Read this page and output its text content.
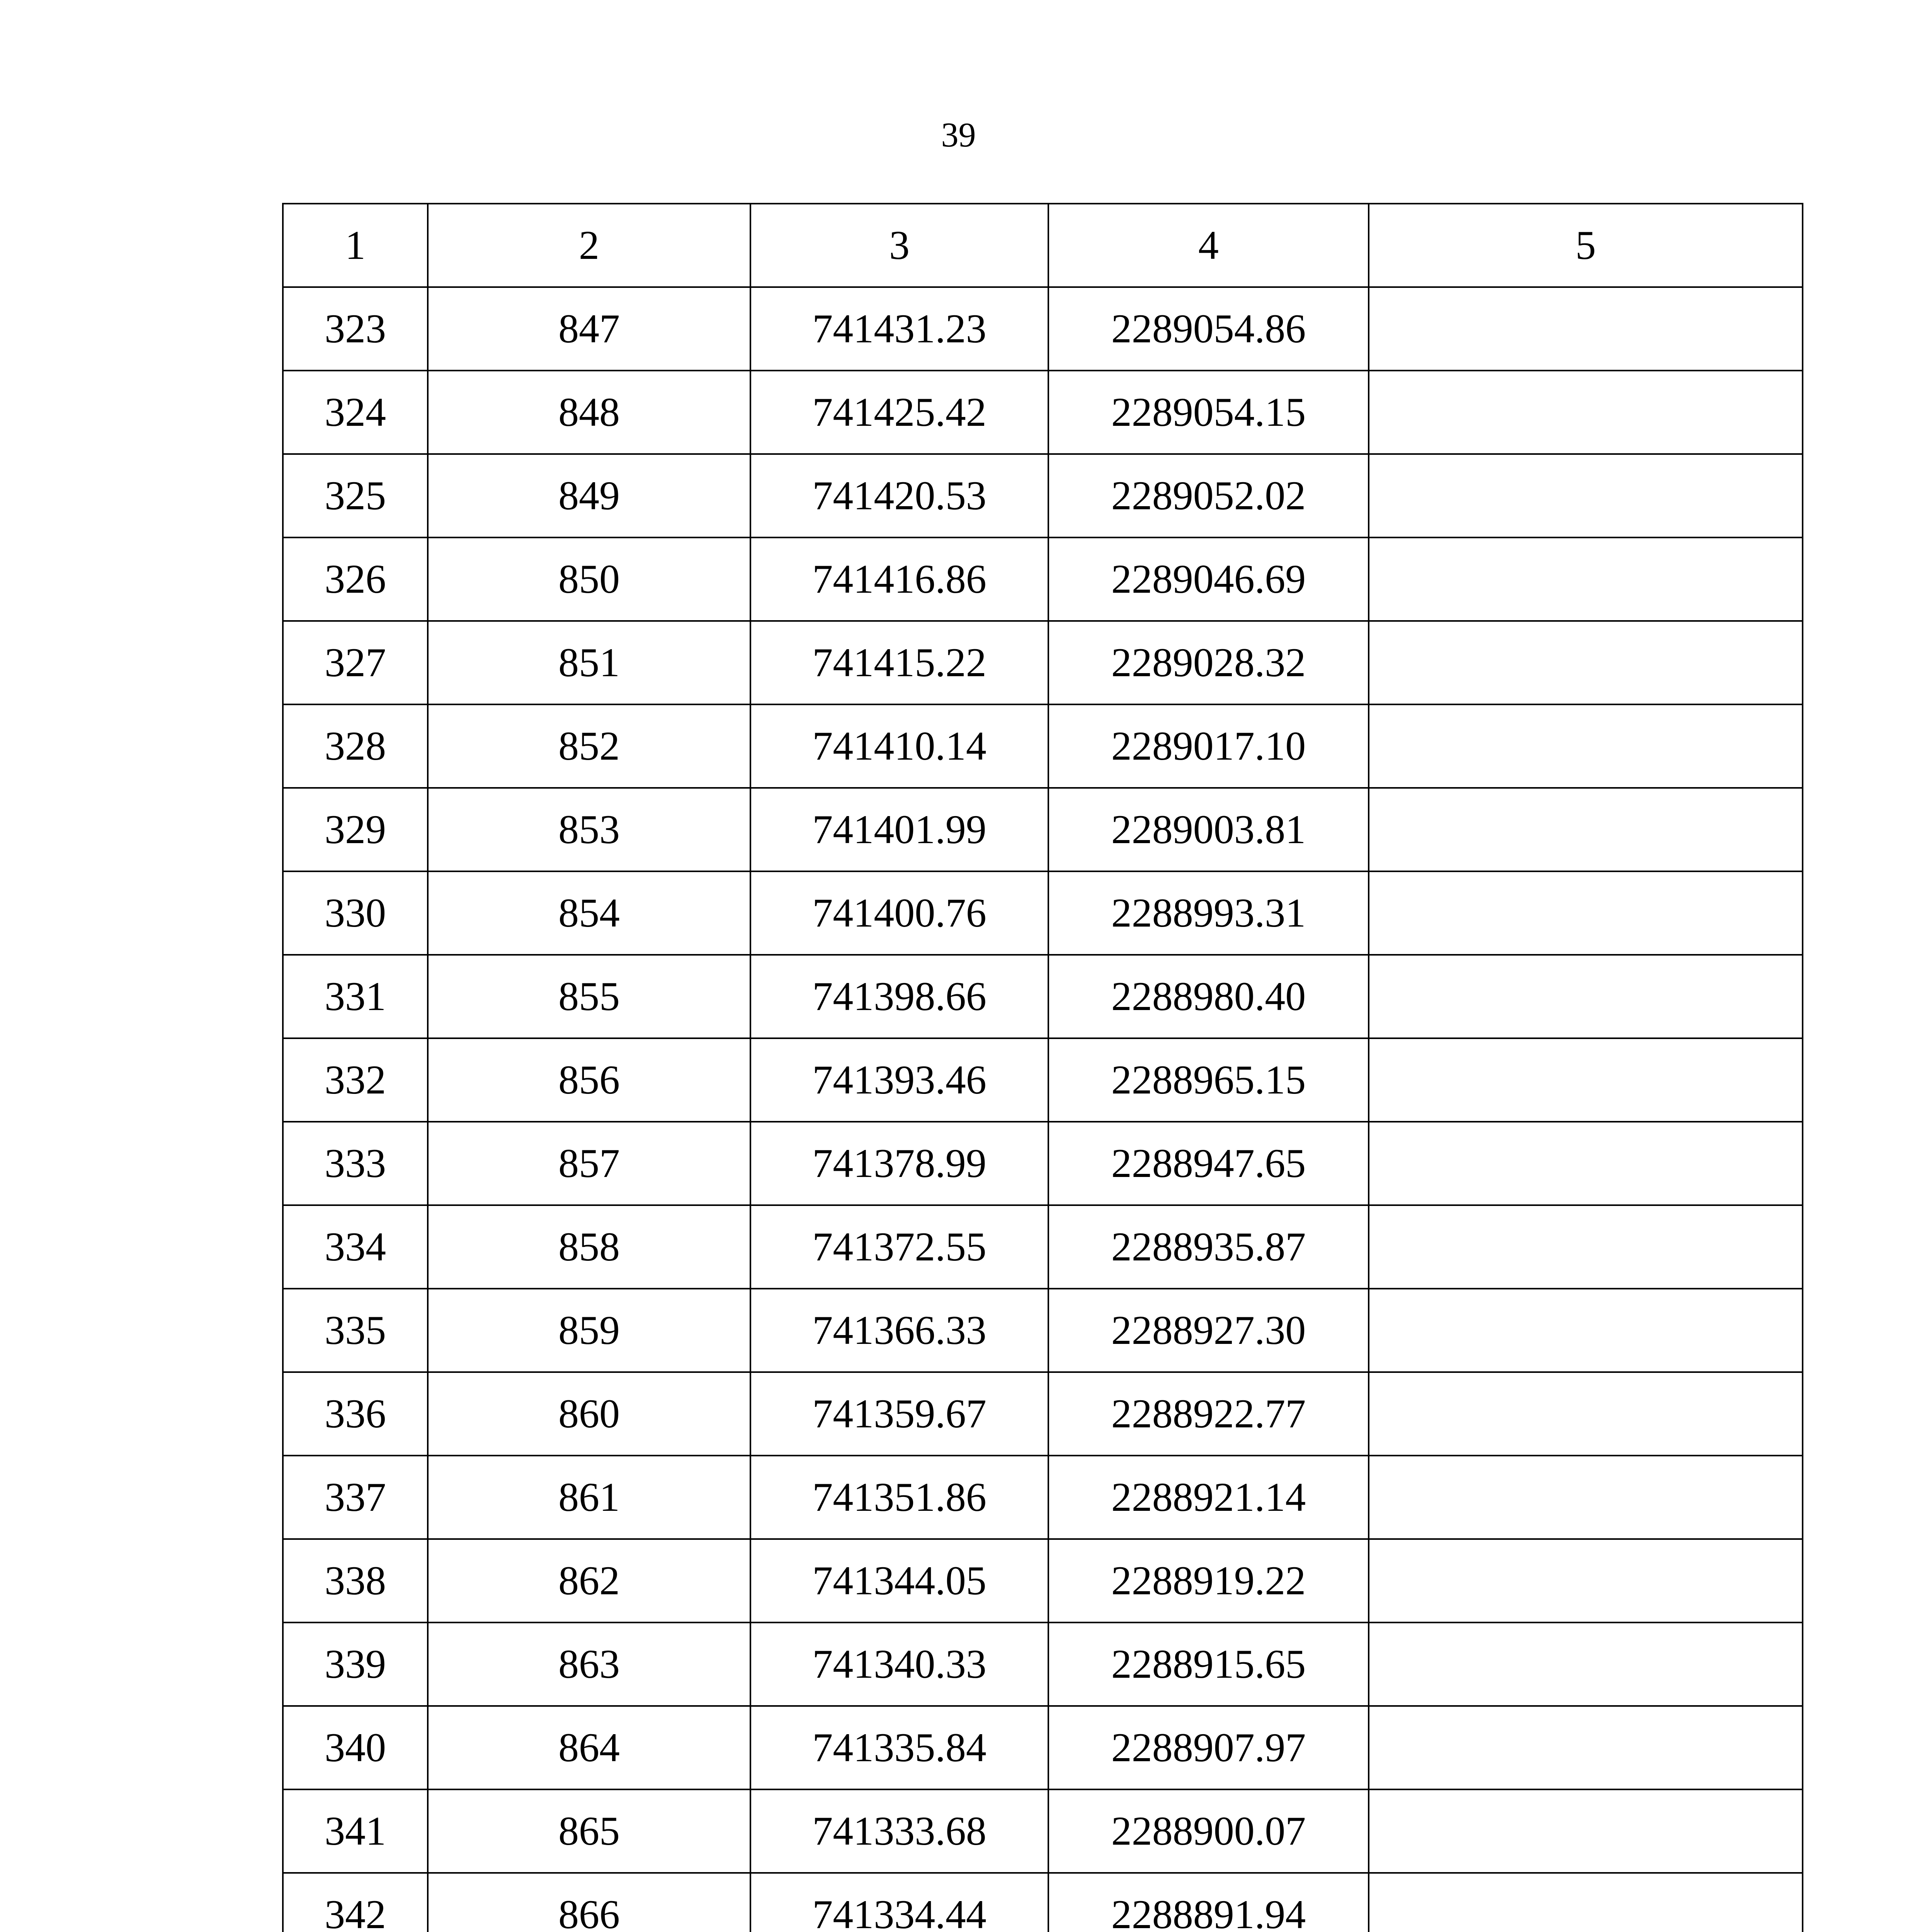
39
1	2	3	4	5
323	847	741431.23	2289054.86	
324	848	741425.42	2289054.15	
325	849	741420.53	2289052.02	
326	850	741416.86	2289046.69	
327	851	741415.22	2289028.32	
328	852	741410.14	2289017.10	
329	853	741401.99	2289003.81	
330	854	741400.76	2288993.31	
331	855	741398.66	2288980.40	
332	856	741393.46	2288965.15	
333	857	741378.99	2288947.65	
334	858	741372.55	2288935.87	
335	859	741366.33	2288927.30	
336	860	741359.67	2288922.77	
337	861	741351.86	2288921.14	
338	862	741344.05	2288919.22	
339	863	741340.33	2288915.65	
340	864	741335.84	2288907.97	
341	865	741333.68	2288900.07	
342	866	741334.44	2288891.94	
